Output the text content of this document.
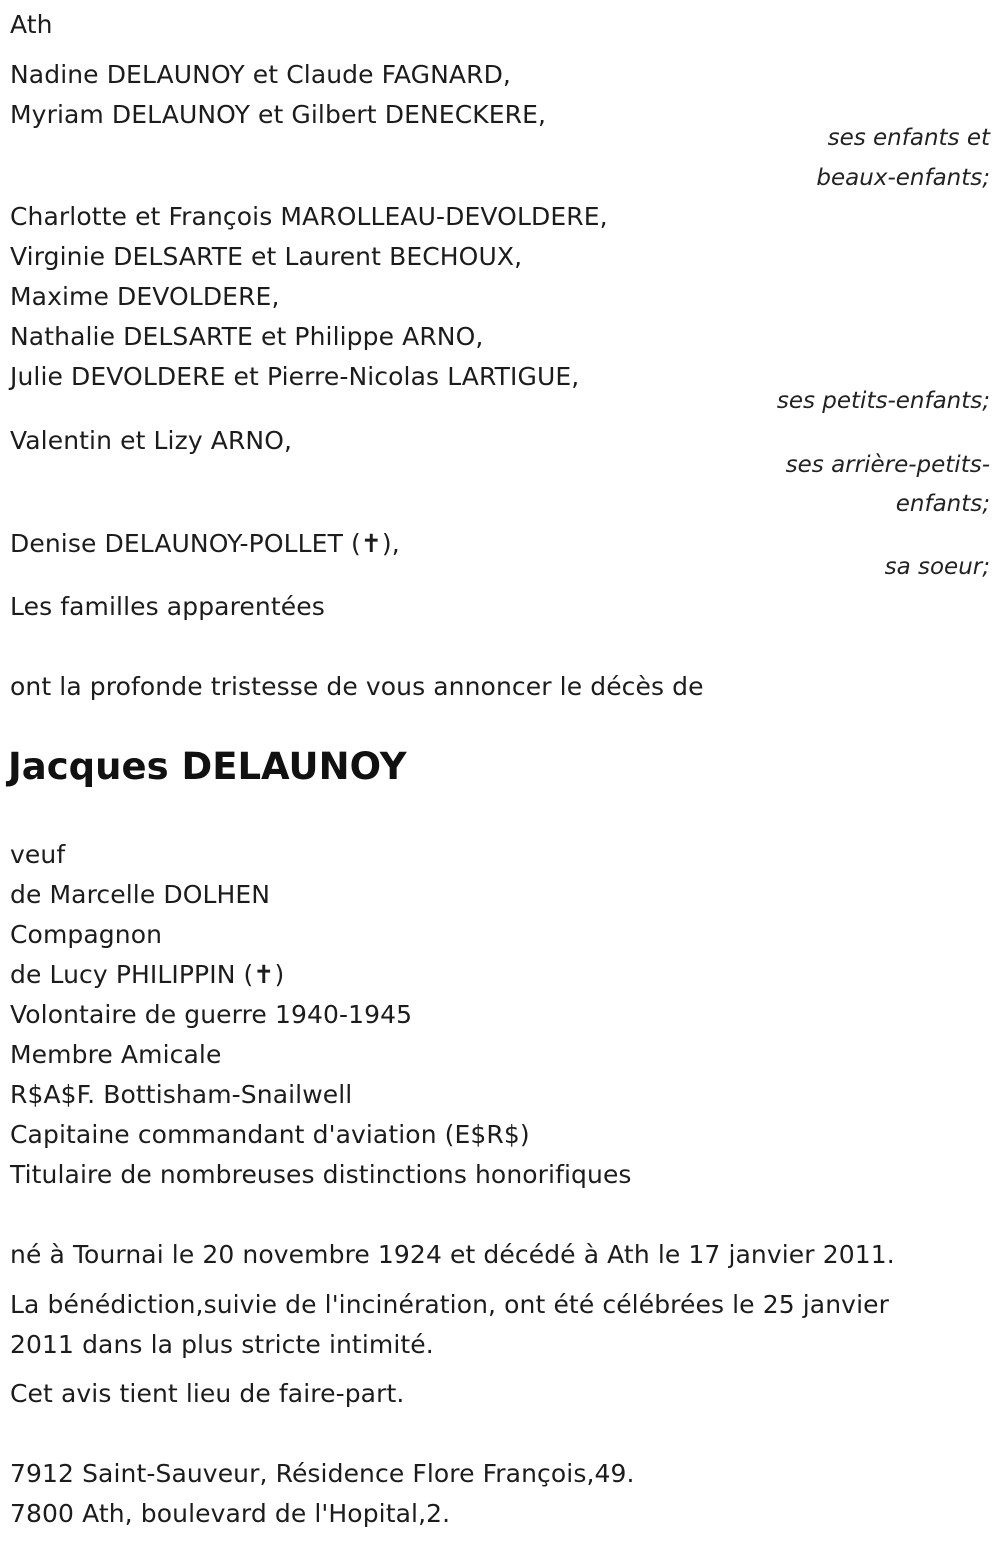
Ath
Nadine DELAUNOY et Claude FAGNARD,
Myriam DELAUNOY et Gilbert DENECKERE,
ses enfants et
beaux-enfants;
Charlotte et François MAROLLEAU-DEVOLDERE,
Virginie DELSARTE et Laurent BECHOUX,
Maxime DEVOLDERE,
Nathalie DELSARTE et Philippe ARNO,
Julie DEVOLDERE et Pierre-Nicolas LARTIGUE,
ses petits-enfants;
Valentin et Lizy ARNO,
ses arrière-petits-
enfants;
Denise DELAUNOY-POLLET (✝),
sa soeur;
Les familles apparentées
ont la profonde tristesse de vous annoncer le décès de
Jacques DELAUNOY
veuf
de Marcelle DOLHEN
Compagnon
de Lucy PHILIPPIN (✝)
Volontaire de guerre 1940-1945
Membre Amicale
R$A$F. Bottisham-Snailwell
Capitaine commandant d'aviation (E$R$)
Titulaire de nombreuses distinctions honorifiques
né à Tournai le 20 novembre 1924 et décédé à Ath le 17 janvier 2011.
La bénédiction,suivie de l'incinération, ont été célébrées le 25 janvier
2011 dans la plus stricte intimité.
Cet avis tient lieu de faire-part.
7912 Saint-Sauveur, Résidence Flore François,49.
7800 Ath, boulevard de l'Hopital,2.
